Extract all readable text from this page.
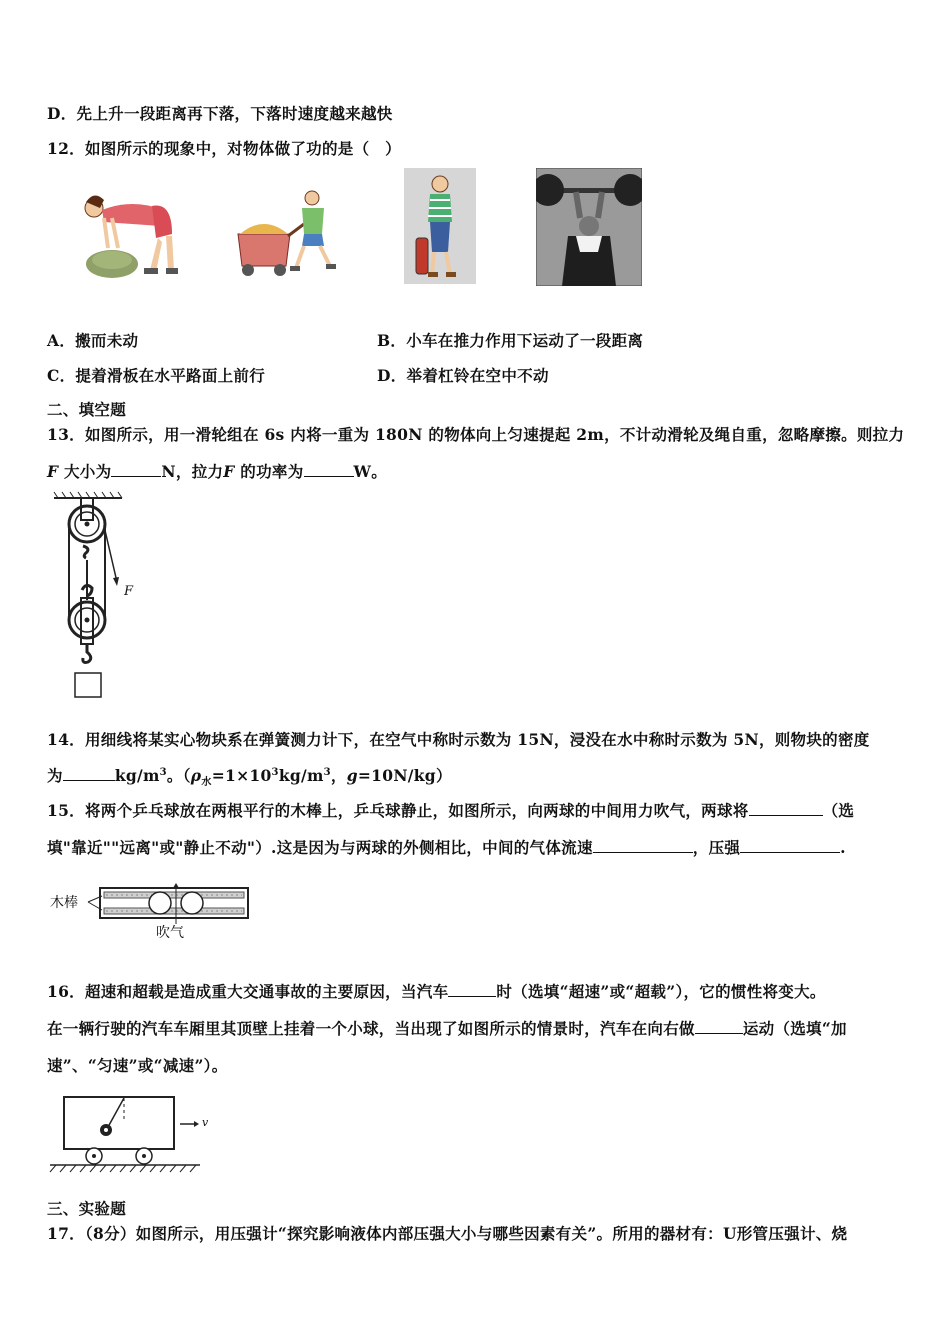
D．先上升一段距离再下落，下落时速度越来越快
12．如图所示的现象中，对物体做了功的是（　）
A．搬而未动	B．小车在推力作用下运动了一段距离
C．提着滑板在水平路面上前行	D．举着杠铃在空中不动
二、填空题
13．如图所示，用一滑轮组在 6s 内将一重为 180N 的物体向上匀速提起 2m，不计动滑轮及绳自重，忽略摩擦。则拉力
F 大小为	N，拉力F 的功率为	W。
F
14．用细线将某实心物块系在弹簧测力计下，在空气中称时示数为 15N，浸没在水中称时示数为 5N，则物块的密度
为	$kg/m^3$。（$\rho_水=1\times 10^3kg/m^3$，g=10N/kg）
15．将两个乒乓球放在两根平行的木棒上，乒乓球静止，如图所示，向两球的中间用力吹气，两球将	（选
填"靠近""远离"或"静止不动"）.这是因为与两球的外侧相比，中间的气体流速	，压强	.
木棒
吹气
16．超速和超载是造成重大交通事故的主要原因，当汽车	时（选填“超速”或“超载”），它的惯性将变大。
在一辆行驶的汽车车厢里其顶壁上挂着一个小球，当出现了如图所示的情景时，汽车在向右做	运动（选填“加
速”、“匀速”或“减速”）。
v
三、实验题
17．（8分）如图所示，用压强计“探究影响液体内部压强大小与哪些因素有关”。所用的器材有：U形管压强计、烧
